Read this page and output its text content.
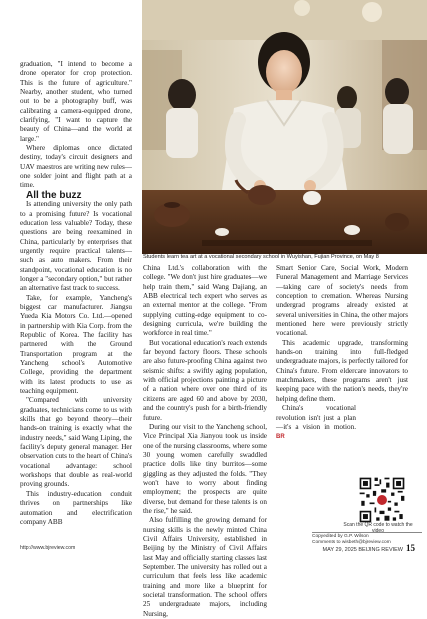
Students learn tea art at a vocational secondary school in Wuyishan, Fujian Province, on May 8

graduation, "I intend to become a drone operator for crop protection. This is the future of agriculture." Nearby, another student, who turned out to be a photography buff, was calibrating a camera-equipped drone, clarifying, "I want to capture the beauty of China—and the world at large."

Where diplomas once dictated destiny, today's circuit designers and UAV maestros are writing new rules—one solder joint and flight path at a time.

All the buzz

Is attending university the only path to a promising future? Is vocational education less valuable? Today, these questions are being reexamined in China, particularly by enterprises that urgently require practical talents—such as auto makers. From their standpoint, vocational education is no longer a "secondary option," but rather an alternative fast track to success.

Take, for example, Yancheng's biggest car manufacturer. Jiangsu Yueda Kia Motors Co. Ltd.—opened in partnership with Kia Corp. from the Republic of Korea. The facility has partnered with the Ground Transportation program at the Yancheng school's Automotive College, providing the department with its latest products to use as teaching equipment.

"Compared with university graduates, technicians come to us with skills that go beyond theory—their hands-on training is exactly what the industry needs," said Wang Liping, the facility's deputy general manager. Her observation cuts to the heart of China's vocational advantage: school workshops that double as real-world proving grounds.

This industry-education conduit thrives on partnerships like automation and electrification company ABB

China Ltd.'s collaboration with the college. "We don't just hire graduates—we help train them," said Wang Dajiang, an ABB electrical tech expert who serves as an external mentor at the college. "From supplying cutting-edge equipment to co-designing curricula, we're building the workforce in real time."

But vocational education's reach extends far beyond factory floors. These schools are also future-proofing China against two seismic shifts: a swiftly aging population, with official projections painting a picture of a nation where over one third of its citizens are aged 60 and above by 2030, and the country's push for a birth-friendly future.

During our visit to the Yancheng school, Vice Principal Xia Jianyou took us inside one of the nursing classrooms, where some 30 young women carefully swaddled practice dolls like tiny burritos—some giggling as they adjusted the folds. "They won't have to worry about finding employment; the prospects are quite diverse, but demand for these talents is on the rise," he said.

Also fulfilling the growing demand for nursing skills is the newly minted China Civil Affairs University, established in Beijing by the Ministry of Civil Affairs last May and officially starting classes last September. The university has rolled out a curriculum that feels less like academic training and more like a blueprint for societal transformation. The school offers 25 undergraduate majors, including Nursing,

Smart Senior Care, Social Work, Modern Funeral Management and Marriage Services—taking care of society's needs from conception to cremation. Whereas Nursing undergrad programs already existed at several universities in China, the other majors mentioned here were previously strictly vocational.

This academic upgrade, transforming hands-on training into full-fledged undergraduate majors, is perfectly tailored for China's future. From eldercare innovators to matchmakers, these programs aren't just keeping pace with the nation's needs, they're helping define them.

China's vocational revolution isn't just a plan—it's a vision in motion. BR

Scan the QR code to watch the video
Copyedited by G.P. Wilson
Comments to wisbeth@bjreview.com
http://www.bjreview.com	MAY 29, 2025 BEIJING REVIEW 15
